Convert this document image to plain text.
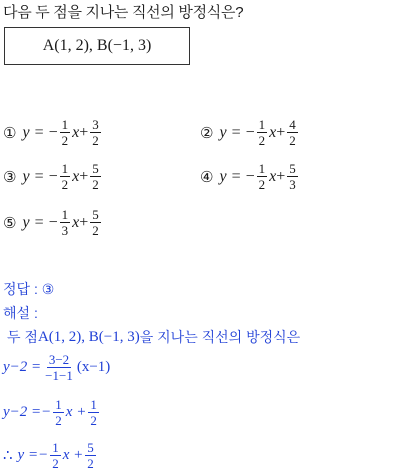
다음 두 점을 지나는 직선의 방정식은?
A(1, 2), B(−1, 3)
① y = − $\frac{1}{2}$ $x + \frac{3}{2}$	② y = − $\frac{1}{2}$ $x + \frac{4}{2}$
③ y = − $\frac{1}{2}$ $x + \frac{5}{2}$	④ y = − $\frac{1}{2}$ $x + \frac{5}{3}$
⑤ y = − $\frac{1}{3}$ $x + \frac{5}{2}$
정답 : ③
해설 :
두 점 A(1, 2), B(−1, 3) 을 지나는 직선의 방정식은
$y-2 = \frac{3-2}{-1-1} (x-1)$
$y-2 =- \frac{1}{2}$ $x + \frac{1}{2}$
∴ $y =- \frac{1}{2}$ $x + \frac{5}{2}$
